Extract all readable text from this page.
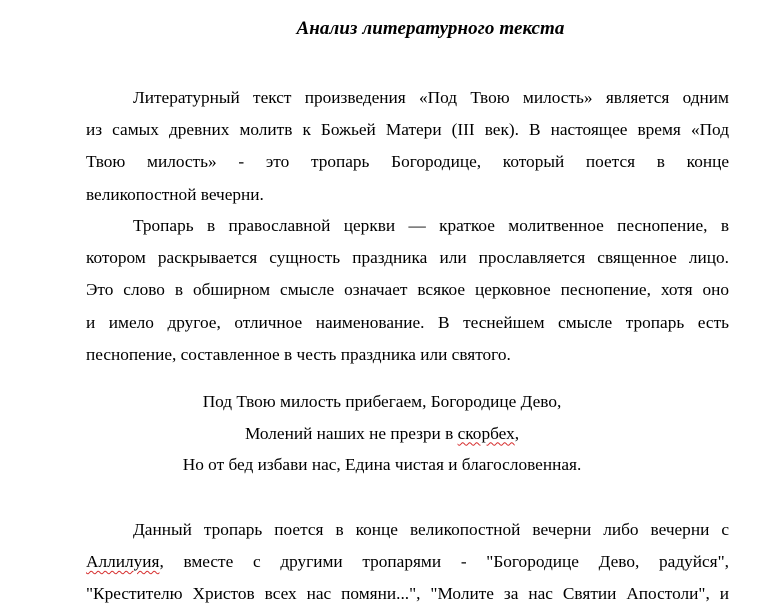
Анализ литературного текста
Литературный текст произведения «Под Твою милость» является одним
из самых древних молитв к Божьей Матери (III век). В настоящее время «Под
Твою милость» - это тропарь Богородице, который поется в конце
великопостной вечерни.
Тропарь в православной церкви — краткое молитвенное песнопение, в
котором раскрывается сущность праздника или прославляется священное лицо.
Это слово в обширном смысле означает всякое церковное песнопение, хотя оно
и имело другое, отличное наименование. В теснейшем смысле тропарь есть
песнопение, составленное в честь праздника или святого.
Под Твою милость прибегаем, Богородице Дево,
Молений наших не презри в скорбех,
Но от бед избави нас, Едина чистая и благословенная.
Данный тропарь поется в конце великопостной вечерни либо вечерни с
Аллилуия, вместе с другими тропарями - "Богородице Дево, радуйся",
"Крестителю Христов всех нас помяни...", "Молите за нас Святии Апостоли", и
